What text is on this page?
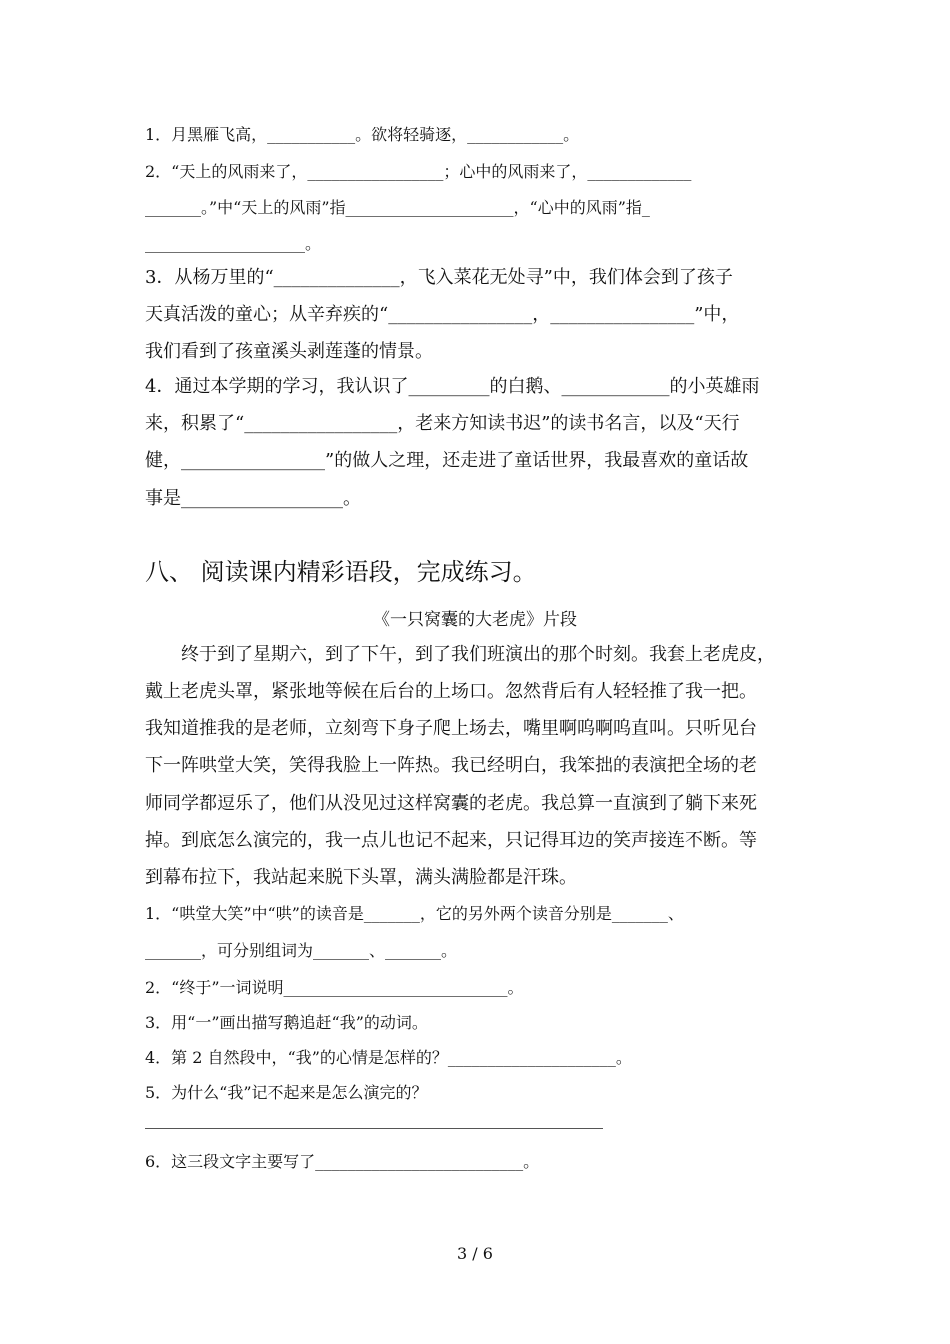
1．月黑雁飞高，___________。欲将轻骑逐，____________。
2．“天上的风雨来了，_________________；心中的风雨来了，_____________
_______。”中“天上的风雨”指_____________________，“心中的风雨”指_
____________________。
3．从杨万里的“______________，飞入菜花无处寻”中，我们体会到了孩子
天真活泼的童心；从辛弃疾的“________________，________________”中，
我们看到了孩童溪头剥莲蓬的情景。
4．通过本学期的学习，我认识了_________的白鹅、____________的小英雄雨
来，积累了“_________________，老来方知读书迟”的读书名言，以及“天行
健，________________”的做人之理，还走进了童话世界，我最喜欢的童话故
事是__________________。
八、 阅读课内精彩语段，完成练习。
《一只窝囊的大老虎》片段
　　终于到了星期六，到了下午，到了我们班演出的那个时刻。我套上老虎皮，
戴上老虎头罩，紧张地等候在后台的上场口。忽然背后有人轻轻推了我一把。
我知道推我的是老师，立刻弯下身子爬上场去，嘴里啊呜啊呜直叫。只听见台
下一阵哄堂大笑，笑得我脸上一阵热。我已经明白，我笨拙的表演把全场的老
师同学都逗乐了，他们从没见过这样窝囊的老虎。我总算一直演到了躺下来死
掉。到底怎么演完的，我一点儿也记不起来，只记得耳边的笑声接连不断。等
到幕布拉下，我站起来脱下头罩，满头满脸都是汗珠。
1．“哄堂大笑”中“哄”的读音是_______，它的另外两个读音分别是_______、
_______，可分别组词为_______、_______。
2．“终于”一词说明____________________________。
3．用“一”画出描写鹅追赶“我”的动词。
4．第 2 自然段中，“我”的心情是怎样的？_____________________。
5．为什么“我”记不起来是怎么演完的？
6．这三段文字主要写了__________________________。
3 / 6
